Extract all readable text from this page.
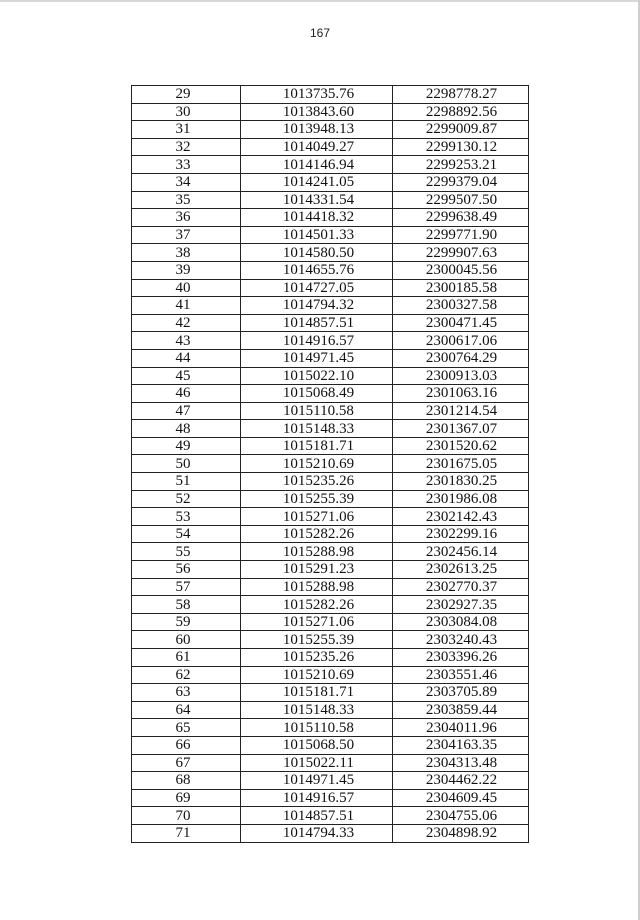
167
29	1013735.76	2298778.27
30	1013843.60	2298892.56
31	1013948.13	2299009.87
32	1014049.27	2299130.12
33	1014146.94	2299253.21
34	1014241.05	2299379.04
35	1014331.54	2299507.50
36	1014418.32	2299638.49
37	1014501.33	2299771.90
38	1014580.50	2299907.63
39	1014655.76	2300045.56
40	1014727.05	2300185.58
41	1014794.32	2300327.58
42	1014857.51	2300471.45
43	1014916.57	2300617.06
44	1014971.45	2300764.29
45	1015022.10	2300913.03
46	1015068.49	2301063.16
47	1015110.58	2301214.54
48	1015148.33	2301367.07
49	1015181.71	2301520.62
50	1015210.69	2301675.05
51	1015235.26	2301830.25
52	1015255.39	2301986.08
53	1015271.06	2302142.43
54	1015282.26	2302299.16
55	1015288.98	2302456.14
56	1015291.23	2302613.25
57	1015288.98	2302770.37
58	1015282.26	2302927.35
59	1015271.06	2303084.08
60	1015255.39	2303240.43
61	1015235.26	2303396.26
62	1015210.69	2303551.46
63	1015181.71	2303705.89
64	1015148.33	2303859.44
65	1015110.58	2304011.96
66	1015068.50	2304163.35
67	1015022.11	2304313.48
68	1014971.45	2304462.22
69	1014916.57	2304609.45
70	1014857.51	2304755.06
71	1014794.33	2304898.92
